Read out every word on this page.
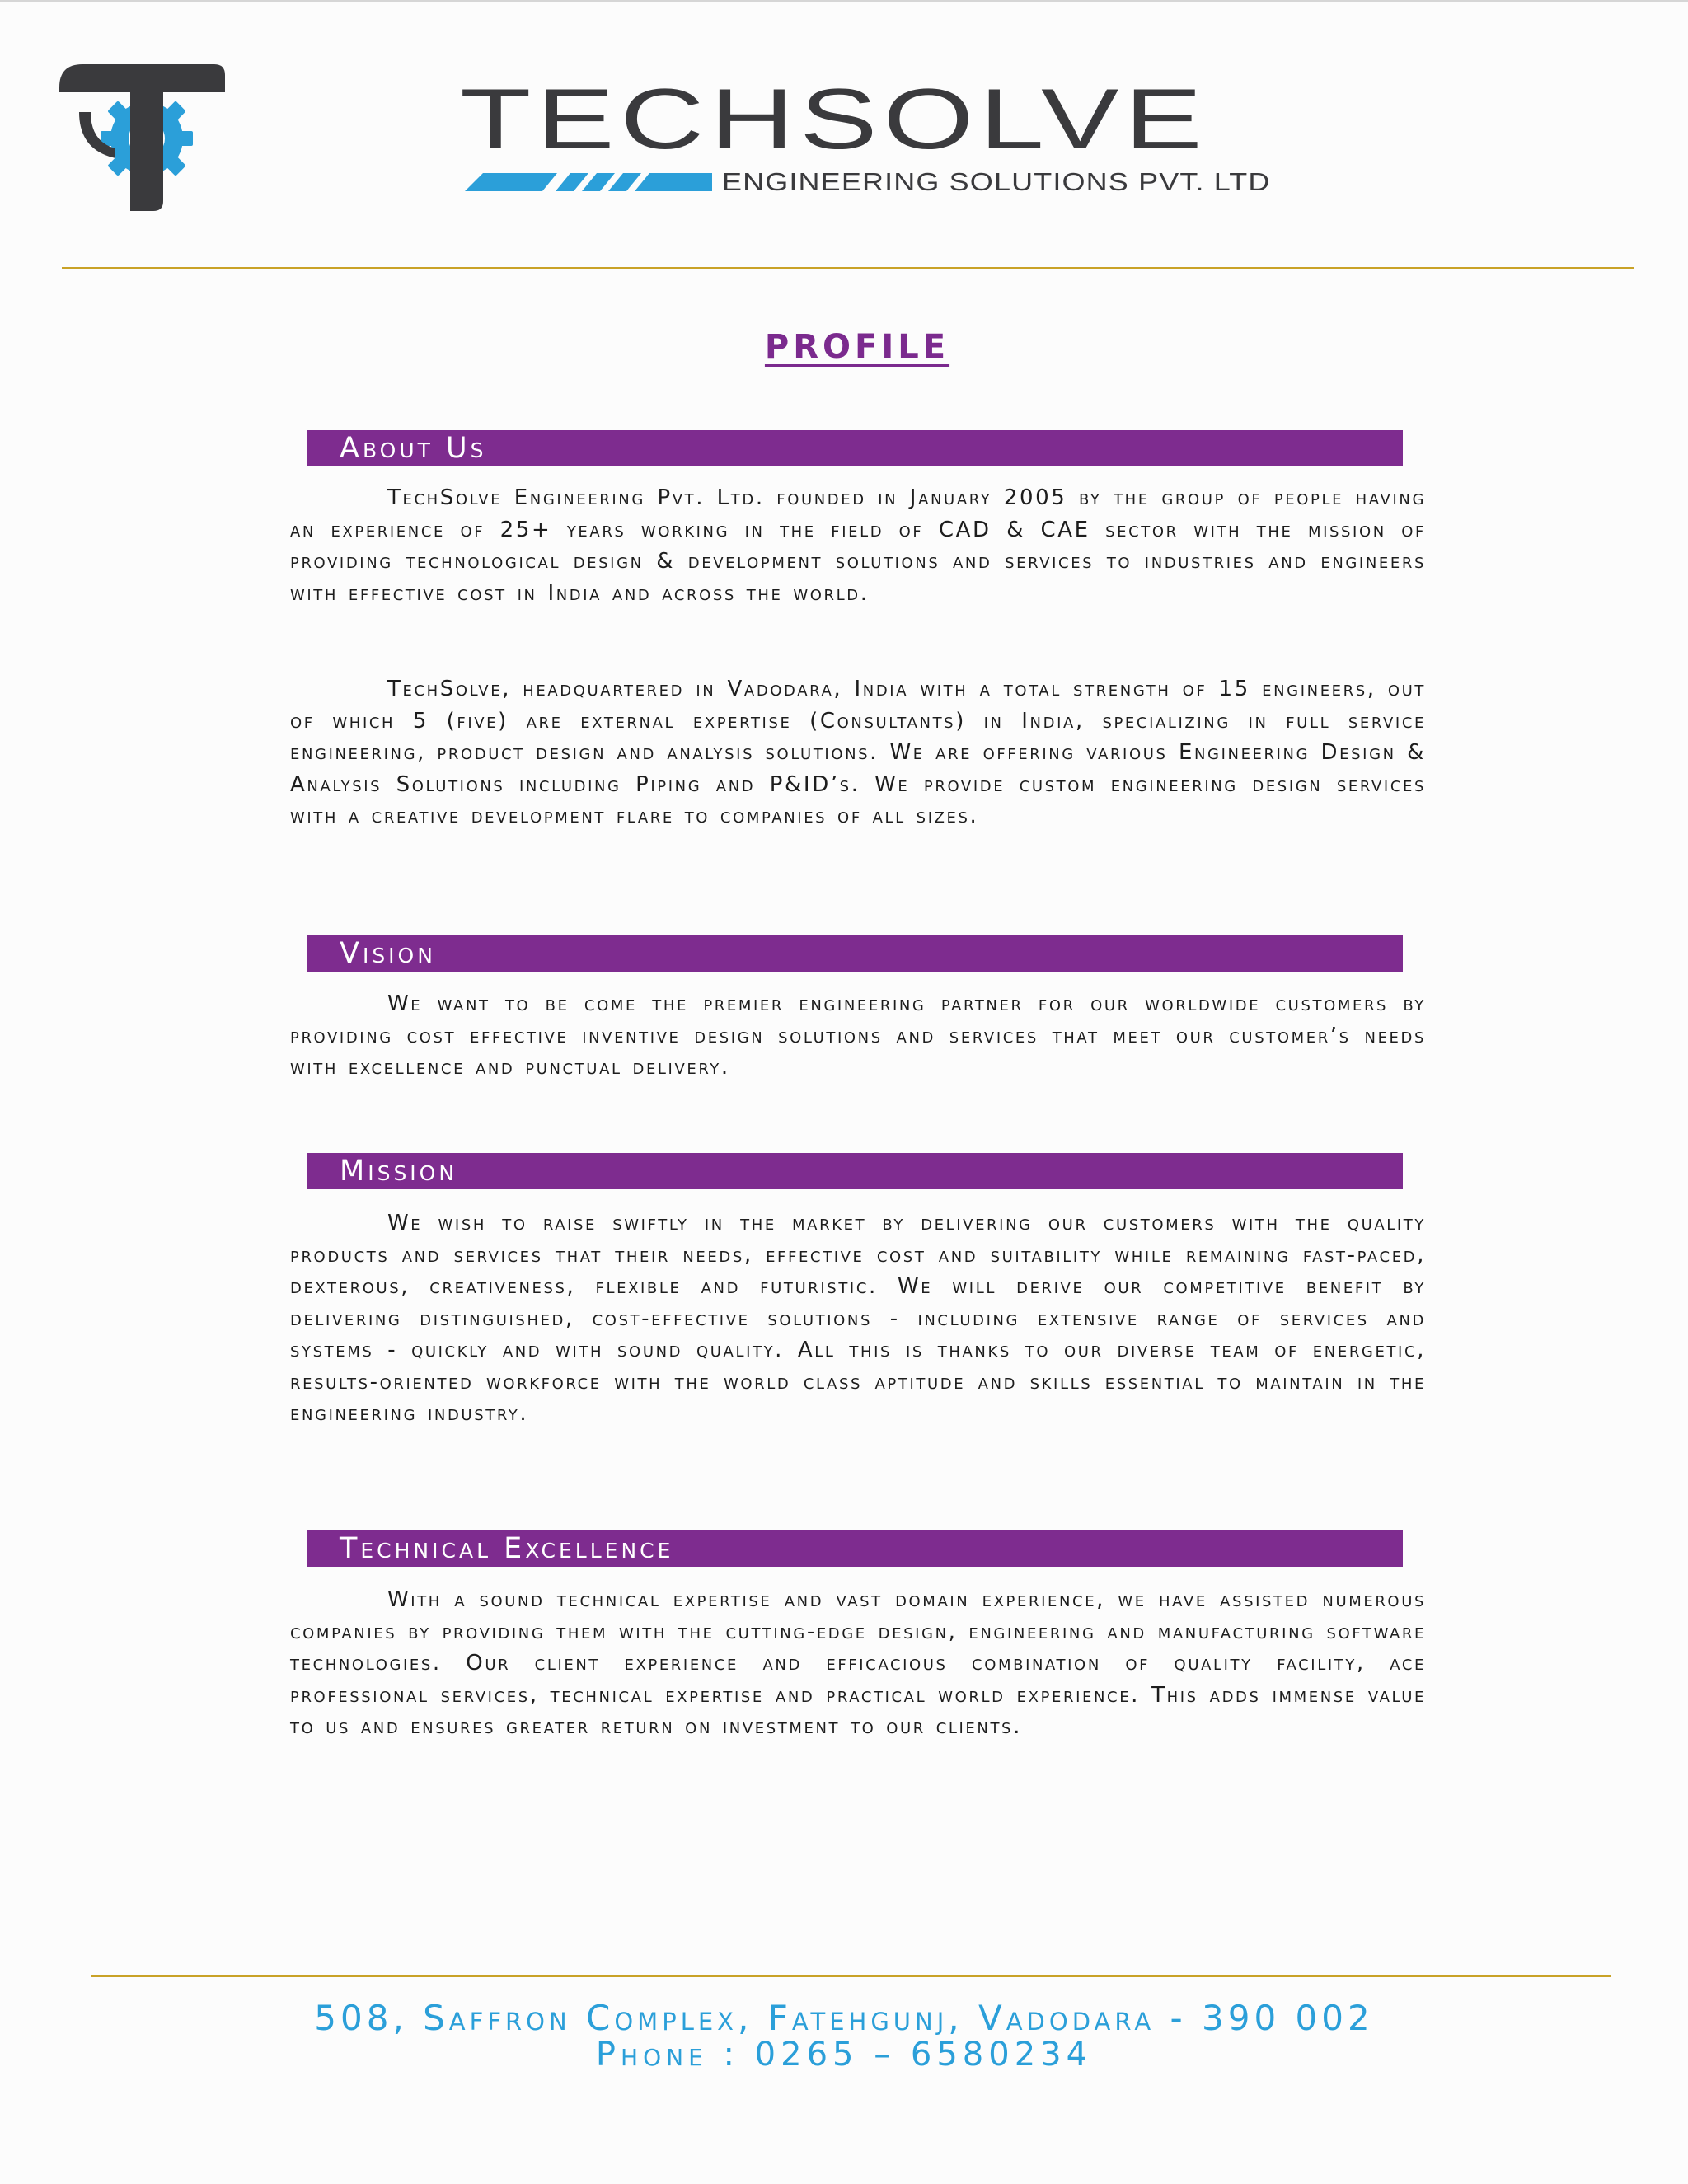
TECHSOLVE
ENGINEERING SOLUTIONS PVT. LTD
PROFILE
About Us

TechSolve Engineering Pvt. Ltd. founded in January 2005 by the group of people having an experience of 25+ years working in the field of CAD & CAE sector with the mission of providing technological design & development solutions and services to industries and engineers with effective cost in India and across the world.

TechSolve, headquartered in Vadodara, India with a total strength of 15 engineers, out of which 5 (five) are external expertise (Consultants) in India, specializing in full service engineering, product design and analysis solutions. We are offering various Engineering Design & Analysis Solutions including Piping and P&ID’s. We provide custom engineering design services with a creative development flare to companies of all sizes.

Vision

We want to be come the premier engineering partner for our worldwide customers by providing cost effective inventive design solutions and services that meet our customer’s needs with excellence and punctual delivery.

Mission

We wish to raise swiftly in the market by delivering our customers with the quality products and services that their needs, effective cost and suitability while remaining fast-paced, dexterous, creativeness, flexible and futuristic. We will derive our competitive benefit by delivering distinguished, cost-effective solutions - including extensive range of services and systems - quickly and with sound quality. All this is thanks to our diverse team of energetic, results-oriented workforce with the world class aptitude and skills essential to maintain in the engineering industry.

Technical Excellence

With a sound technical expertise and vast domain experience, we have assisted numerous companies by providing them with the cutting-edge design, engineering and manufacturing software technologies. Our client experience and efficacious combination of quality facility, ace professional services, technical expertise and practical world experience. This adds immense value to us and ensures greater return on investment to our clients.

508, Saffron Complex, Fatehgunj, Vadodara - 390 002

Phone : 0265 – 6580234
